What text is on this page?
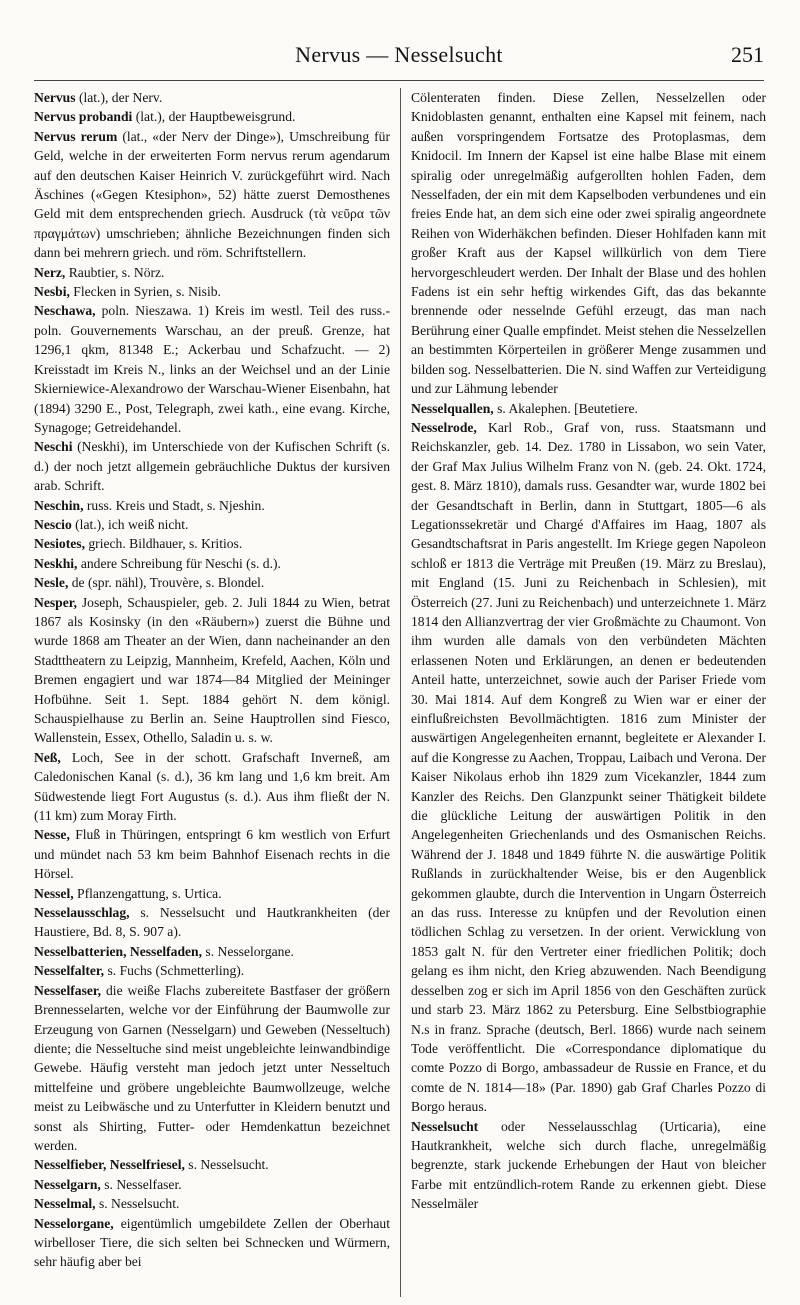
Nervus — Nesselsucht	251

Nervus (lat.), der Nerv.

Nervus probandi (lat.), der Hauptbeweisgrund.

Nervus rerum (lat., «der Nerv der Dinge»), Umschreibung für Geld, welche in der erweiterten Form nervus rerum agendarum auf den deutschen Kaiser Heinrich V. zurückgeführt wird. Nach Äschines («Gegen Ktesiphon», 52) hätte zuerst Demosthenes Geld mit dem entsprechenden griech. Ausdruck (τὰ νεῦρα τῶν πραγμάτων) umschrieben; ähnliche Bezeichnungen finden sich dann bei mehrern griech. und röm. Schriftstellern.

Nerz, Raubtier, s. Nörz.

Nesbi, Flecken in Syrien, s. Nisib.

Neschawa, poln. Nieszawa. 1) Kreis im westl. Teil des russ.-poln. Gouvernements Warschau, an der preuß. Grenze, hat 1296,1 qkm, 81348 E.; Ackerbau und Schafzucht. — 2) Kreisstadt im Kreis N., links an der Weichsel und an der Linie Skierniewice-Alexandrowo der Warschau-Wiener Eisenbahn, hat (1894) 3290 E., Post, Telegraph, zwei kath., eine evang. Kirche, Synagoge; Getreidehandel.

Neschi (Neskhi), im Unterschiede von der Kufischen Schrift (s. d.) der noch jetzt allgemein gebräuchliche Duktus der kursiven arab. Schrift.

Neschin, russ. Kreis und Stadt, s. Njeshin.

Nescio (lat.), ich weiß nicht.

Nesiotes, griech. Bildhauer, s. Kritios.

Neskhi, andere Schreibung für Neschi (s. d.).

Nesle, de (spr. nähl), Trouvère, s. Blondel.

Nesper, Joseph, Schauspieler, geb. 2. Juli 1844 zu Wien, betrat 1867 als Kosinsky (in den «Räubern») zuerst die Bühne und wurde 1868 am Theater an der Wien, dann nacheinander an den Stadttheatern zu Leipzig, Mannheim, Krefeld, Aachen, Köln und Bremen engagiert und war 1874—84 Mitglied der Meininger Hofbühne. Seit 1. Sept. 1884 gehört N. dem königl. Schauspielhause zu Berlin an. Seine Hauptrollen sind Fiesco, Wallenstein, Essex, Othello, Saladin u. s. w.

Neß, Loch, See in der schott. Grafschaft Inverneß, am Caledonischen Kanal (s. d.), 36 km lang und 1,6 km breit. Am Südwestende liegt Fort Augustus (s. d.). Aus ihm fließt der N. (11 km) zum Moray Firth.

Nesse, Fluß in Thüringen, entspringt 6 km westlich von Erfurt und mündet nach 53 km beim Bahnhof Eisenach rechts in die Hörsel.

Nessel, Pflanzengattung, s. Urtica.

Nesselausschlag, s. Nesselsucht und Hautkrankheiten (der Haustiere, Bd. 8, S. 907 a).

Nesselbatterien, Nesselfaden, s. Nesselorgane.

Nesselfalter, s. Fuchs (Schmetterling).

Nesselfaser, die weiße Flachs zubereitete Bastfaser der größern Brennesselarten, welche vor der Einführung der Baumwolle zur Erzeugung von Garnen (Nesselgarn) und Geweben (Nesseltuch) diente; die Nesseltuche sind meist ungebleichte leinwandbindige Gewebe. Häufig versteht man jedoch jetzt unter Nesseltuch mittelfeine und gröbere ungebleichte Baumwollzeuge, welche meist zu Leibwäsche und zu Unterfutter in Kleidern benutzt und sonst als Shirting, Futter- oder Hemdenkattun bezeichnet werden.

Nesselfieber, Nesselfriesel, s. Nesselsucht.

Nesselgarn, s. Nesselfaser.

Nesselmal, s. Nesselsucht.

Nesselorgane, eigentümlich umgebildete Zellen der Oberhaut wirbelloser Tiere, die sich selten bei Schnecken und Würmern, sehr häufig aber bei

Cölenteraten finden. Diese Zellen, Nesselzellen oder Knidoblasten genannt, enthalten eine Kapsel mit feinem, nach außen vorspringendem Fortsatze des Protoplasmas, dem Knidocil. Im Innern der Kapsel ist eine halbe Blase mit einem spiralig oder unregelmäßig aufgerollten hohlen Faden, dem Nesselfaden, der ein mit dem Kapselboden verbundenes und ein freies Ende hat, an dem sich eine oder zwei spiralig angeordnete Reihen von Widerhäkchen befinden. Dieser Hohlfaden kann mit großer Kraft aus der Kapsel willkürlich von dem Tiere hervorgeschleudert werden. Der Inhalt der Blase und des hohlen Fadens ist ein sehr heftig wirkendes Gift, das das bekannte brennende oder nesselnde Gefühl erzeugt, das man nach Berührung einer Qualle empfindet. Meist stehen die Nesselzellen an bestimmten Körperteilen in größerer Menge zusammen und bilden sog. Nesselbatterien. Die N. sind Waffen zur Verteidigung und zur Lähmung lebender

Nesselquallen, s. Akalephen. [Beutetiere.

Nesselrode, Karl Rob., Graf von, russ. Staatsmann und Reichskanzler, geb. 14. Dez. 1780 in Lissabon, wo sein Vater, der Graf Max Julius Wilhelm Franz von N. (geb. 24. Okt. 1724, gest. 8. März 1810), damals russ. Gesandter war, wurde 1802 bei der Gesandtschaft in Berlin, dann in Stuttgart, 1805—6 als Legationssekretär und Chargé d'Affaires im Haag, 1807 als Gesandtschaftsrat in Paris angestellt. Im Kriege gegen Napoleon schloß er 1813 die Verträge mit Preußen (19. März zu Breslau), mit England (15. Juni zu Reichenbach in Schlesien), mit Österreich (27. Juni zu Reichenbach) und unterzeichnete 1. März 1814 den Allianzvertrag der vier Großmächte zu Chaumont. Von ihm wurden alle damals von den verbündeten Mächten erlassenen Noten und Erklärungen, an denen er bedeutenden Anteil hatte, unterzeichnet, sowie auch der Pariser Friede vom 30. Mai 1814. Auf dem Kongreß zu Wien war er einer der einflußreichsten Bevollmächtigten. 1816 zum Minister der auswärtigen Angelegenheiten ernannt, begleitete er Alexander I. auf die Kongresse zu Aachen, Troppau, Laibach und Verona. Der Kaiser Nikolaus erhob ihn 1829 zum Vicekanzler, 1844 zum Kanzler des Reichs. Den Glanzpunkt seiner Thätigkeit bildete die glückliche Leitung der auswärtigen Politik in den Angelegenheiten Griechenlands und des Osmanischen Reichs. Während der J. 1848 und 1849 führte N. die auswärtige Politik Rußlands in zurückhaltender Weise, bis er den Augenblick gekommen glaubte, durch die Intervention in Ungarn Österreich an das russ. Interesse zu knüpfen und der Revolution einen tödlichen Schlag zu versetzen. In der orient. Verwicklung von 1853 galt N. für den Vertreter einer friedlichen Politik; doch gelang es ihm nicht, den Krieg abzuwenden. Nach Beendigung desselben zog er sich im April 1856 von den Geschäften zurück und starb 23. März 1862 zu Petersburg. Eine Selbstbiographie N.s in franz. Sprache (deutsch, Berl. 1866) wurde nach seinem Tode veröffentlicht. Die «Correspondance diplomatique du comte Pozzo di Borgo, ambassadeur de Russie en France, et du comte de N. 1814—18» (Par. 1890) gab Graf Charles Pozzo di Borgo heraus.

Nesselsucht oder Nesselausschlag (Urticaria), eine Hautkrankheit, welche sich durch flache, unregelmäßig begrenzte, stark juckende Erhebungen der Haut von bleicher Farbe mit entzündlich-rotem Rande zu erkennen giebt. Diese Nesselmäler
